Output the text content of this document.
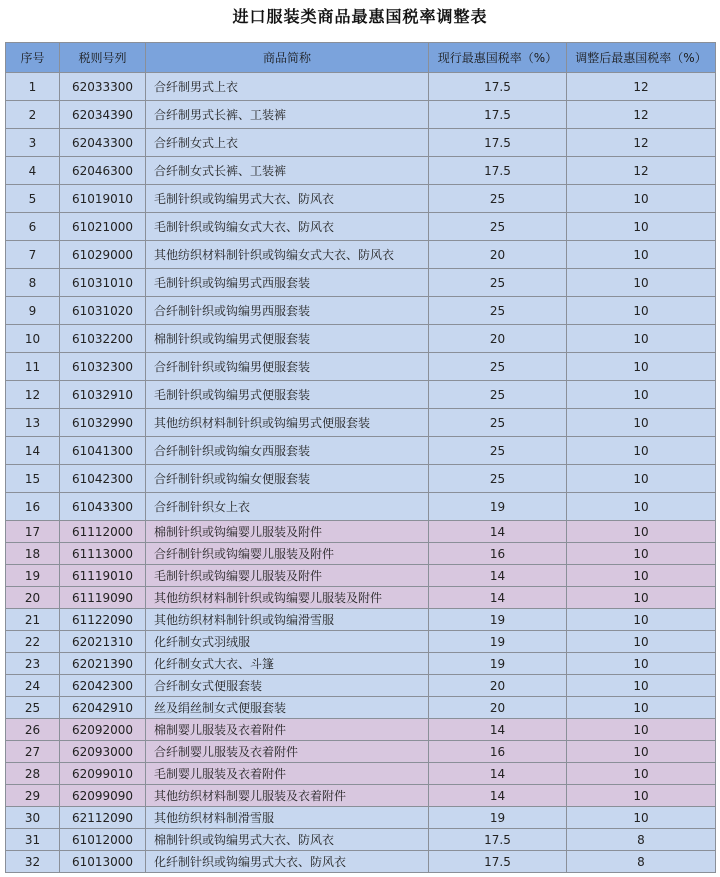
进口服装类商品最惠国税率调整表
序号	税则号列	商品简称	现行最惠国税率（%）	调整后最惠国税率（%）
1	62033300	合纤制男式上衣	17.5	12
2	62034390	合纤制男式长裤、工装裤	17.5	12
3	62043300	合纤制女式上衣	17.5	12
4	62046300	合纤制女式长裤、工装裤	17.5	12
5	61019010	毛制针织或钩编男式大衣、防风衣	25	10
6	61021000	毛制针织或钩编女式大衣、防风衣	25	10
7	61029000	其他纺织材料制针织或钩编女式大衣、防风衣	20	10
8	61031010	毛制针织或钩编男式西服套装	25	10
9	61031020	合纤制针织或钩编男西服套装	25	10
10	61032200	棉制针织或钩编男式便服套装	20	10
11	61032300	合纤制针织或钩编男便服套装	25	10
12	61032910	毛制针织或钩编男式便服套装	25	10
13	61032990	其他纺织材料制针织或钩编男式便服套装	25	10
14	61041300	合纤制针织或钩编女西服套装	25	10
15	61042300	合纤制针织或钩编女便服套装	25	10
16	61043300	合纤制针织女上衣	19	10
17	61112000	棉制针织或钩编婴儿服装及附件	14	10
18	61113000	合纤制针织或钩编婴儿服装及附件	16	10
19	61119010	毛制针织或钩编婴儿服装及附件	14	10
20	61119090	其他纺织材料制针织或钩编婴儿服装及附件	14	10
21	61122090	其他纺织材料制针织或钩编滑雪服	19	10
22	62021310	化纤制女式羽绒服	19	10
23	62021390	化纤制女式大衣、斗篷	19	10
24	62042300	合纤制女式便服套装	20	10
25	62042910	丝及绢丝制女式便服套装	20	10
26	62092000	棉制婴儿服装及衣着附件	14	10
27	62093000	合纤制婴儿服装及衣着附件	16	10
28	62099010	毛制婴儿服装及衣着附件	14	10
29	62099090	其他纺织材料制婴儿服装及衣着附件	14	10
30	62112090	其他纺织材料制滑雪服	19	10
31	61012000	棉制针织或钩编男式大衣、防风衣	17.5	8
32	61013000	化纤制针织或钩编男式大衣、防风衣	17.5	8
